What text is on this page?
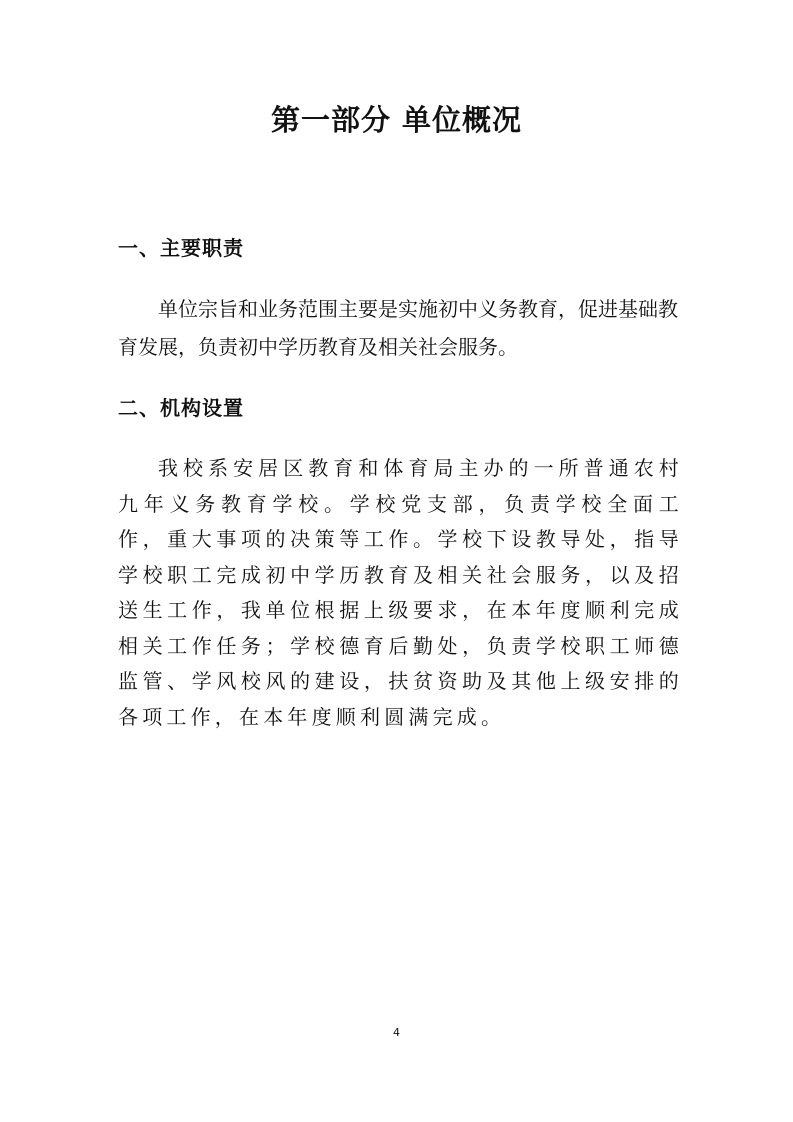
第一部分 单位概况
一、主要职责

单位宗旨和业务范围主要是实施初中义务教育，促进基础教育发展，负责初中学历教育及相关社会服务。

二、机构设置

我校系安居区教育和体育局主办的一所普通农村九年义务教育学校。学校党支部，负责学校全面工作，重大事项的决策等工作。学校下设教导处，指导学校职工完成初中学历教育及相关社会服务，以及招送生工作，我单位根据上级要求，在本年度顺利完成相关工作任务；学校德育后勤处，负责学校职工师德监管、学风校风的建设，扶贫资助及其他上级安排的各项工作，在本年度顺利圆满完成。

4
